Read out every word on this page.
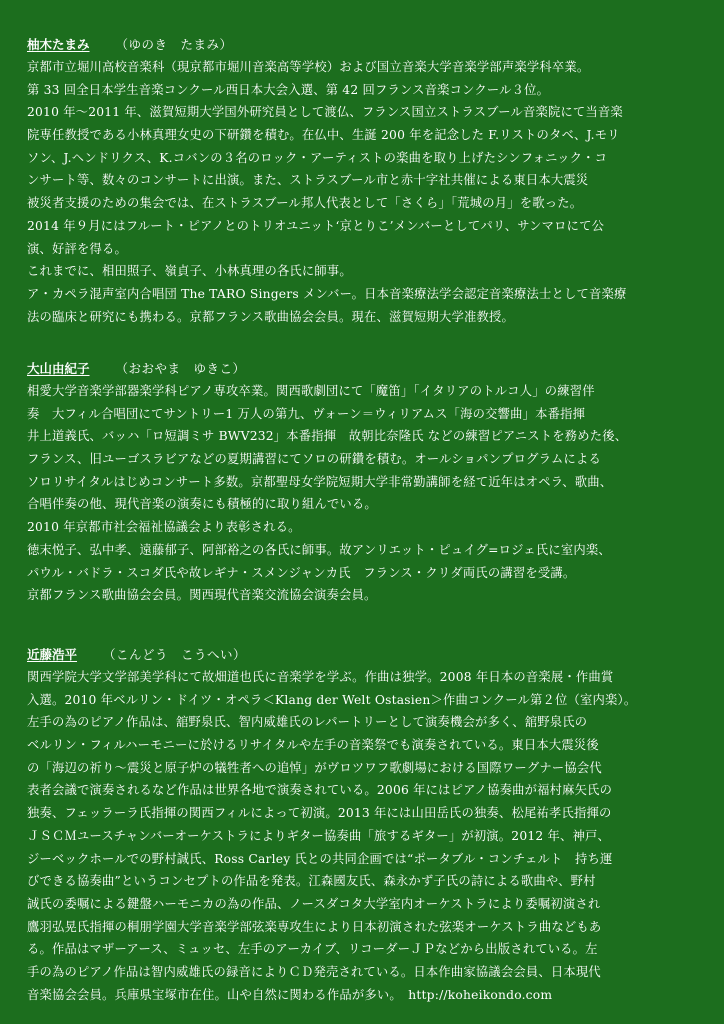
柚木たまみ （ゆのき　たまみ）
京都市立堀川高校音楽科（現京都市堀川音楽高等学校）および国立音楽大学音楽学部声楽学科卒業。
第 33 回全日本学生音楽コンクール西日本大会入選、第 42 回フランス音楽コンクール３位。
2010 年～2011 年、滋賀短期大学国外研究員として渡仏、フランス国立ストラスブール音楽院にて当音楽
院専任教授である小林真理女史の下研鑽を積む。在仏中、生誕 200 年を記念した F.リストのタベ、J.モリ
ソン、J.ヘンドリクス、K.コバンの３名のロック・アーティストの楽曲を取り上げたシンフォニック・コ
ンサート等、数々のコンサートに出演。また、ストラスブール市と赤十字社共催による東日本大震災
被災者支援のための集会では、在ストラスブール邦人代表として「さくら」「荒城の月」を歌った。
2014 年９月にはフルート・ピアノとのトリオユニット‘京とりこ’メンバーとしてパリ、サンマロにて公
演、好評を得る。
これまでに、相田照子、嶺貞子、小林真理の各氏に師事。
ア・カペラ混声室内合唱団 The TARO Singers メンバー。日本音楽療法学会認定音楽療法士として音楽療
法の臨床と研究にも携わる。京都フランス歌曲協会会員。現在、滋賀短期大学准教授。
大山由紀子 （おおやま　ゆきこ）
相愛大学音楽学部器楽学科ピアノ専攻卒業。関西歌劇団にて「魔笛」「イタリアのトルコ人」の練習伴
奏　大フィル合唱団にてサントリー1 万人の第九、ヴォーン＝ウィリアムス「海の交響曲」本番指揮
井上道義氏、バッハ「ロ短調ミサ BWV232」本番指揮　故朝比奈隆氏 などの練習ピアニストを務めた後、
フランス、旧ユーゴスラビアなどの夏期講習にてソロの研鑽を積む。オールショパンプログラムによる
ソロリサイタルはじめコンサート多数。京都聖母女学院短期大学非常勤講師を経て近年はオペラ、歌曲、
合唱伴奏の他、現代音楽の演奏にも積極的に取り組んでいる。
2010 年京都市社会福祉協議会より表彰される。
徳末悦子、弘中孝、遠藤郁子、阿部裕之の各氏に師事。故アンリエット・ピュイグ=ロジェ氏に室内楽、
パウル・バドラ・スコダ氏や故レギナ・スメンジャンカ氏　フランス・クリダ両氏の講習を受講。
京都フランス歌曲協会会員。関西現代音楽交流協会演奏会員。
近藤浩平 （こんどう　こうへい）
関西学院大学文学部美学科にて故畑道也氏に音楽学を学ぶ。作曲は独学。2008 年日本の音楽展・作曲賞
入選。2010 年ベルリン・ドイツ・オペラ＜Klang der Welt Ostasien＞作曲コンクール第２位（室内楽）。
左手の為のピアノ作品は、舘野泉氏、智内威雄氏のレパートリーとして演奏機会が多く、舘野泉氏の
ベルリン・フィルハーモニーに於けるリサイタルや左手の音楽祭でも演奏されている。東日本大震災後
の「海辺の祈り～震災と原子炉の犠牲者への追悼」がヴロツワフ歌劇場における国際ワーグナー協会代
表者会議で演奏されるなど作品は世界各地で演奏されている。2006 年にはピアノ協奏曲が福村麻矢氏の
独奏、フェッラーラ氏指揮の関西フィルによって初演。2013 年には山田岳氏の独奏、松尾祐孝氏指揮の
ＪＳＣＭユースチャンバーオーケストラによりギター協奏曲「旅するギター」が初演。2012 年、神戸、
ジーベックホールでの野村誠氏、Ross Carley 氏との共同企画では“ポータブル・コンチェルト　持ち運
びできる協奏曲”というコンセプトの作品を発表。江森國友氏、森永かず子氏の詩による歌曲や、野村
誠氏の委嘱による鍵盤ハーモニカの為の作品、ノースダコタ大学室内オーケストラにより委嘱初演され
鷹羽弘晃氏指揮の桐朋学園大学音楽学部弦楽専攻生により日本初演された弦楽オーケストラ曲などもあ
る。作品はマザーアース、ミュッセ、左手のアーカイブ、リコーダーＪＰなどから出版されている。左
手の為のピアノ作品は智内威雄氏の録音によりＣＤ発売されている。日本作曲家協議会会員、日本現代
音楽協会会員。兵庫県宝塚市在住。山や自然に関わる作品が多い。　http://koheikondo.com
